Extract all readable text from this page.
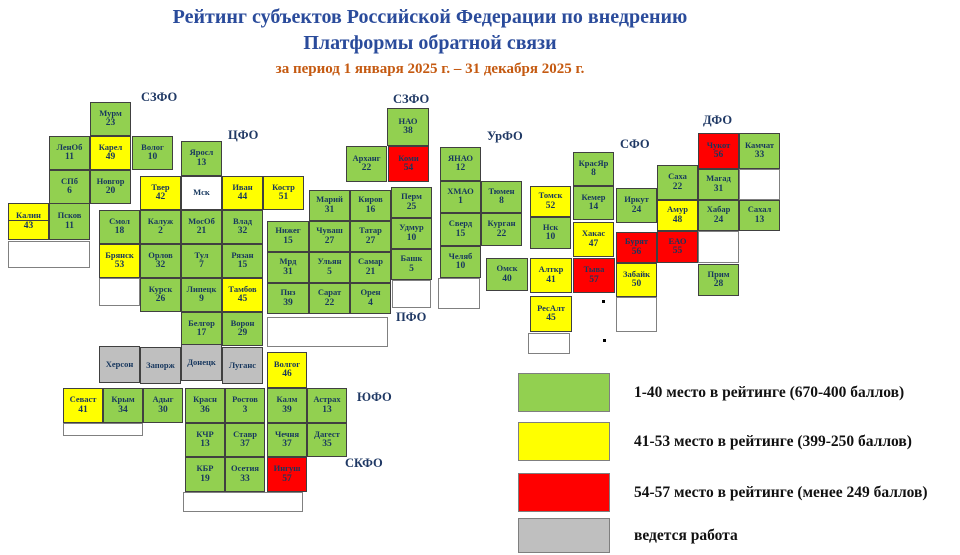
Рейтинг субъектов Российской Федерации по внедрению
Платформы обратной связи
за период 1 января 2025 г. – 31 декабря 2025 г.
Мурм
23
ЛенОб
11
Карел
49
Волог
10
СПб
6
Новгор
20
Калин
43
Псков
11
НАО
38
Арханг
22
Коми
54
Яросл
13
Твер
42
Мск
Иван
44
Костр
51
Смол
18
Калуж
2
МосОб
21
Влад
32
Брянск
53
Орлов
32
Тул
7
Рязан
15
Курск
26
Липецк
9
Тамбов
45
Белгор
17
Ворон
29
Херсон Запорж Донецк Луганс
Марий
31
Киров
16
Перм
25
Нижег
15
Чуваш
27
Татар
27
Удмур
10
Мрд
31
Ульян
5
Самар
21
Башк
5
Пнз
39
Сарат
22
Орен
4
ЯНАО
12
ХМАО
1
Тюмен
8
Сверд
15
Курган
22
Челяб
10
Томск
52
Нск
10
Омск
40
Алткр
41
РесАлт
45
КрасЯр
8
Кемер
14
Хакас
47
Тыва
57
Иркут
24
Бурят
56
Забайк
50
Саха
22
Амур
48
ЕАО
55
Чукот
56
Камчат
33
Магад
31
Хабар
24
Сахал
13
Прим
28
Волгог
46
Севаст
41
Крым
34
Адыг
30
Красн
36
Ростов
3
Калм
39
Астрах
13
КЧР
13
Ставр
37
Чечня
37
Дагест
35
КБР
19
Осетия
33
Ингуш
57
СЗФО	СЗФО
ЦФО	УрФО
СФО
ДФО
ПФО
ЮФО
СКФО
1-40 место в рейтинге (670-400 баллов)
41-53 место в рейтинге (399-250 баллов)
54-57 место в рейтинге (менее 249 баллов)
ведется работа
